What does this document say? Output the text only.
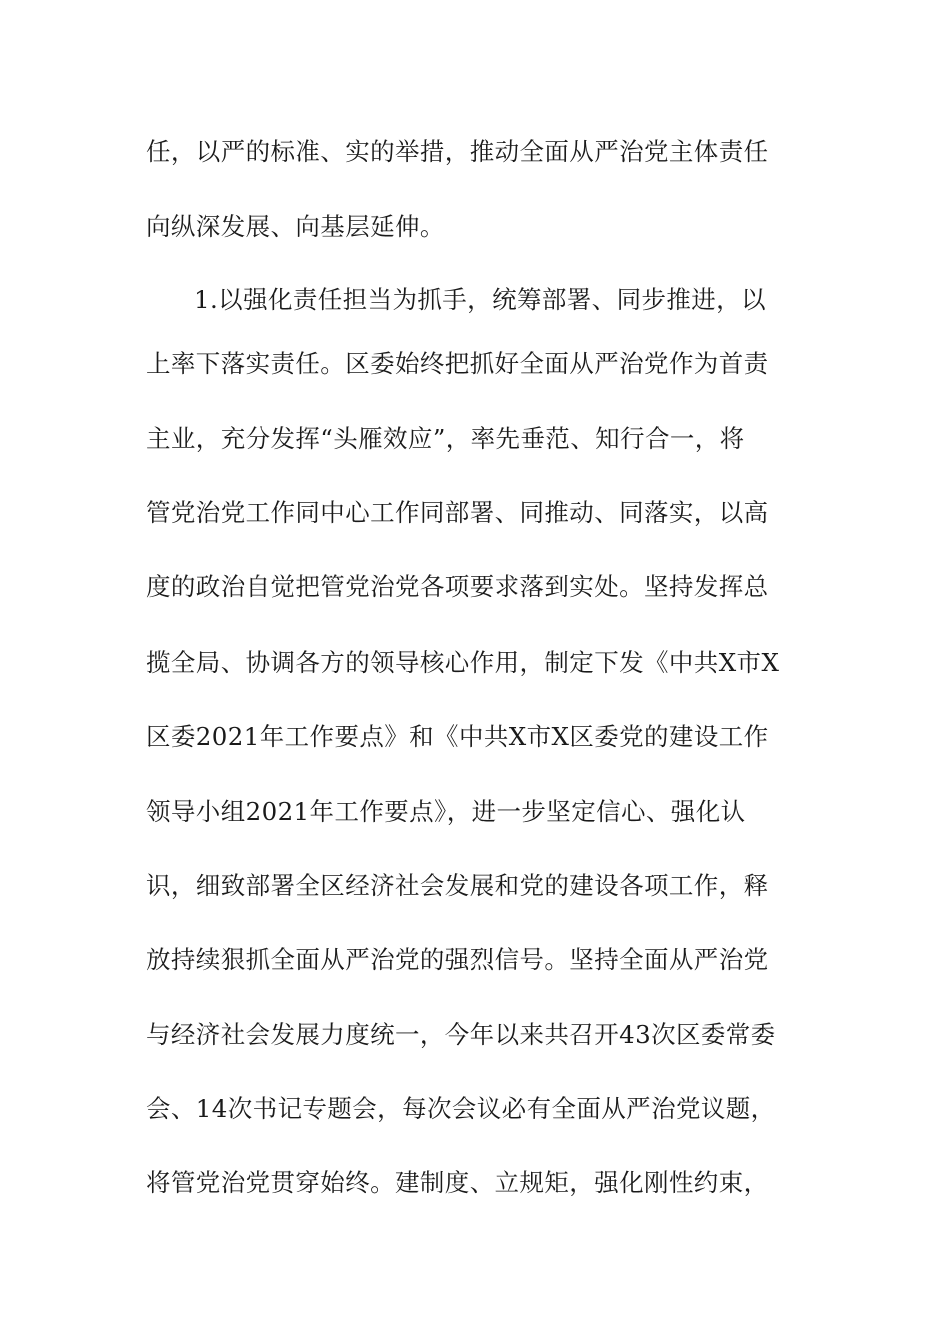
任，以严的标准、实的举措，推动全面从严治党主体责任
向纵深发展、向基层延伸。
1.以强化责任担当为抓手，统筹部署、同步推进，以
上率下落实责任。区委始终把抓好全面从严治党作为首责
主业，充分发挥“头雁效应”，率先垂范、知行合一，将
管党治党工作同中心工作同部署、同推动、同落实，以高
度的政治自觉把管党治党各项要求落到实处。坚持发挥总
揽全局、协调各方的领导核心作用，制定下发《中共X市X
区委2021年工作要点》和《中共X市X区委党的建设工作
领导小组2021年工作要点》，进一步坚定信心、强化认
识，细致部署全区经济社会发展和党的建设各项工作，释
放持续狠抓全面从严治党的强烈信号。坚持全面从严治党
与经济社会发展力度统一，今年以来共召开43次区委常委
会、14次书记专题会，每次会议必有全面从严治党议题，
将管党治党贯穿始终。建制度、立规矩，强化刚性约束，
